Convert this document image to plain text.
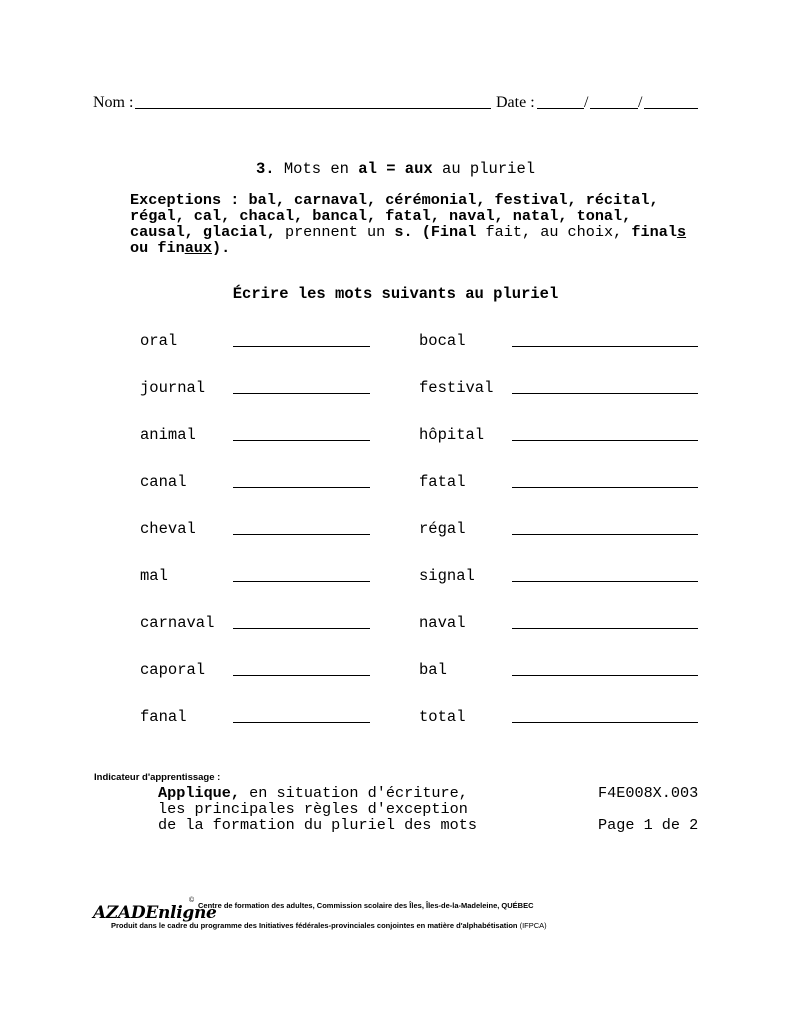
Nom :	Date :	/	/
3. Mots en al = aux au pluriel
Exceptions : bal, carnaval, cérémonial, festival, récital,
régal, cal, chacal, bancal, fatal, naval, natal, tonal,
causal, glacial, prennent un s. (Final fait, au choix, finals
ou finaux).
Écrire les mots suivants au pluriel
oral	bocal
journal	festival
animal	hôpital
canal	fatal
cheval	régal
mal	signal
carnaval	naval
caporal	bal
fanal	total
Indicateur d'apprentissage :
Applique, en situation d'écriture,
les principales règles d'exception
de la formation du pluriel des mots
F4E008X.003
Page 1 de 2
AZADEnligne
©
Centre de formation des adultes, Commission scolaire des Îles, Îles-de-la-Madeleine, QUÉBEC
Produit dans le cadre du programme des Initiatives fédérales-provinciales conjointes en matière d'alphabétisation (IFPCA)
